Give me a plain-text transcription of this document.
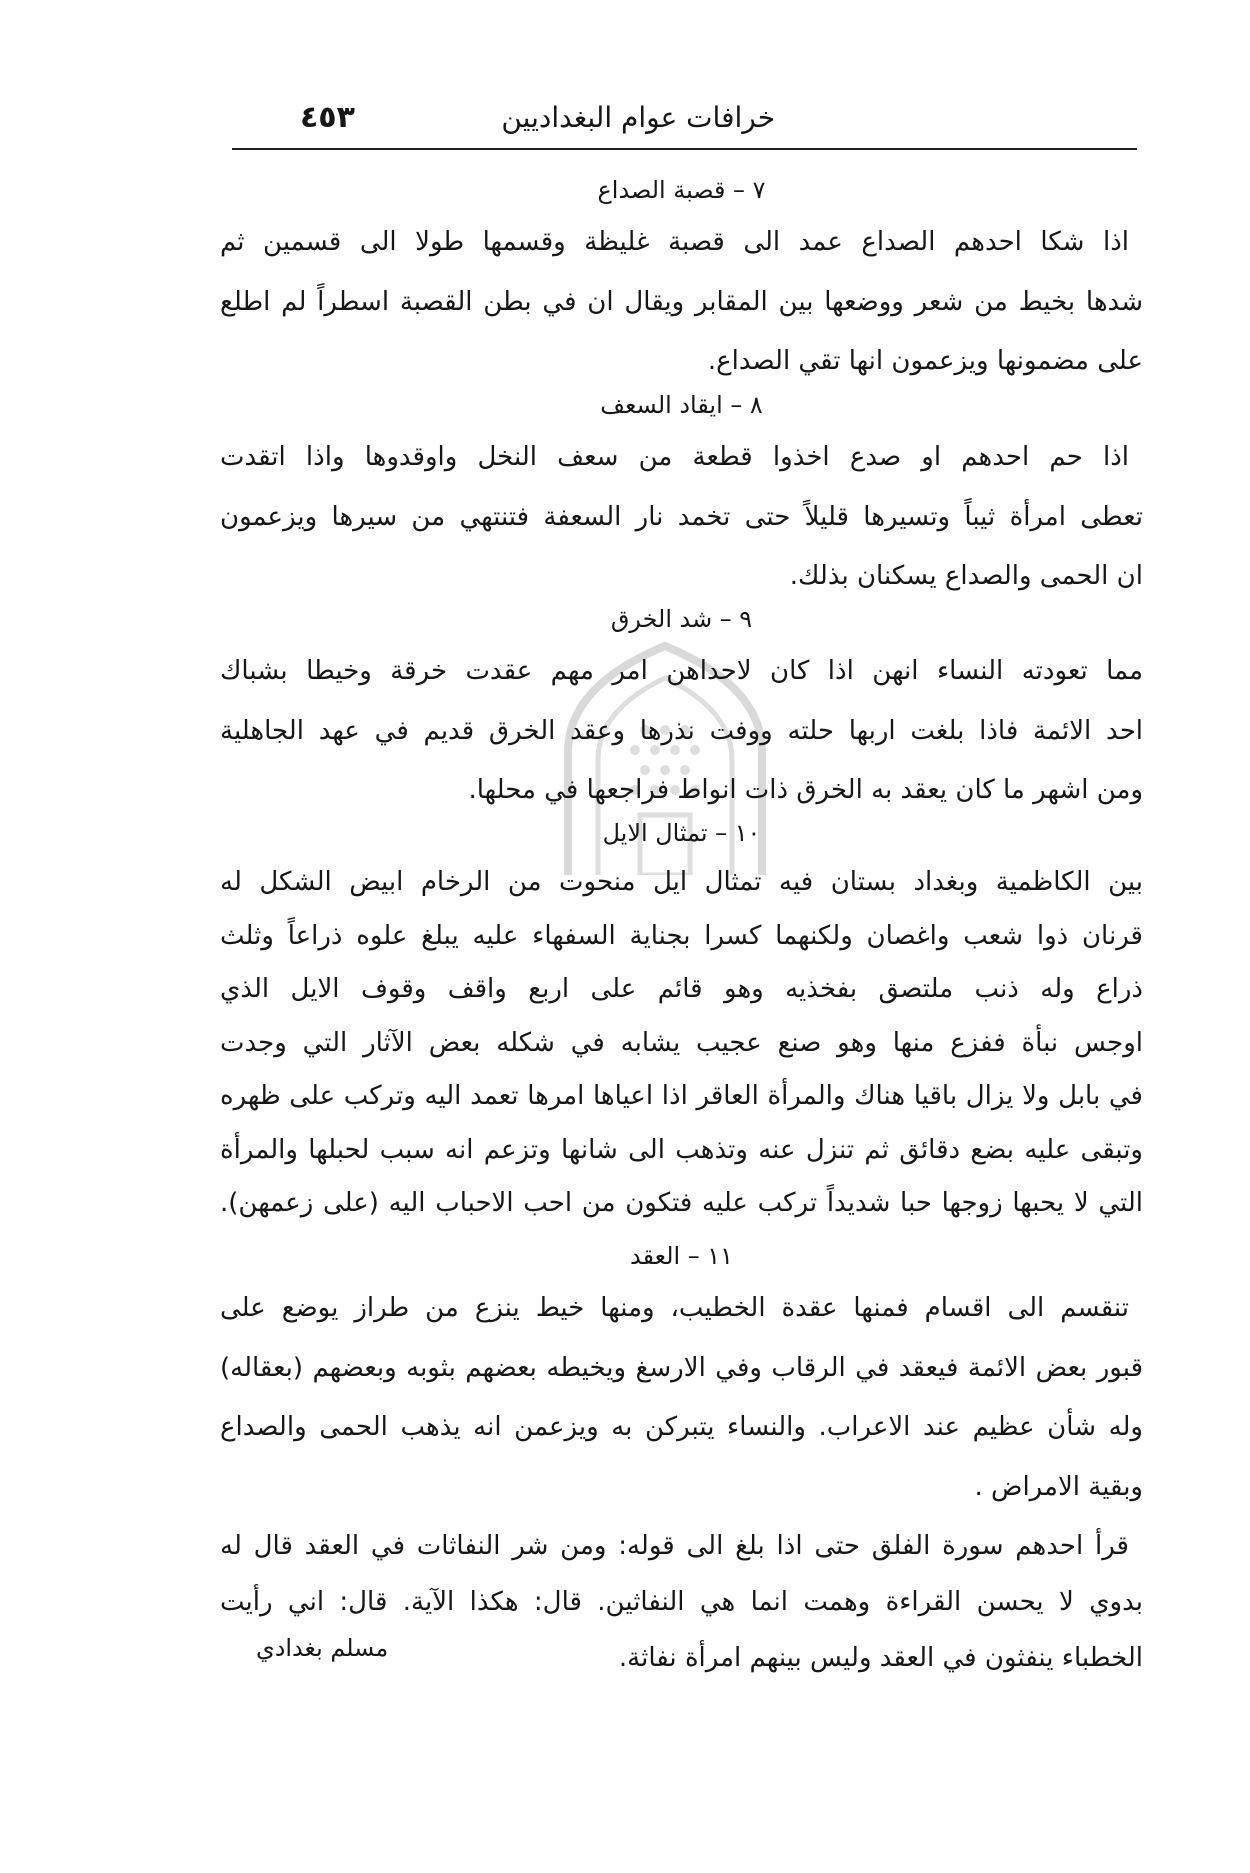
٤٥٣	خرافات عوام البغداديين
٧ – قصبة الصداع
اذا شكا احدهم الصداع عمد الى قصبة غليظة وقسمها طولا الى قسمين ثم
شدها بخيط من شعر ووضعها بين المقابر ويقال ان في بطن القصبة اسطراً لم اطلع
على مضمونها ويزعمون انها تقي الصداع.
٨ – ايقاد السعف
اذا حم احدهم او صدع اخذوا قطعة من سعف النخل واوقدوها واذا اتقدت
تعطى امرأة ثيباً وتسيرها قليلاً حتى تخمد نار السعفة فتنتهي من سيرها ويزعمون
ان الحمى والصداع يسكنان بذلك.
٩ – شد الخرق
مما تعودته النساء انهن اذا كان لاحداهن امر مهم عقدت خرقة وخيطا بشباك
احد الائمة فاذا بلغت اربها حلته ووفت نذرها وعقد الخرق قديم في عهد الجاهلية
ومن اشهر ما كان يعقد به الخرق ذات انواط فراجعها في محلها.
١٠ – تمثال الايل
بين الكاظمية وبغداد بستان فيه تمثال ايل منحوت من الرخام ابيض الشكل له
قرنان ذوا شعب واغصان ولكنهما كسرا بجناية السفهاء عليه يبلغ علوه ذراعاً وثلث
ذراع وله ذنب ملتصق بفخذيه وهو قائم على اربع واقف وقوف الايل الذي
اوجس نبأة ففزع منها وهو صنع عجيب يشابه في شكله بعض الآثار التي وجدت
في بابل ولا يزال باقيا هناك والمرأة العاقر اذا اعياها امرها تعمد اليه وتركب على ظهره
وتبقى عليه بضع دقائق ثم تنزل عنه وتذهب الى شانها وتزعم انه سبب لحبلها والمرأة
التي لا يحبها زوجها حبا شديداً تركب عليه فتكون من احب الاحباب اليه (على زعمهن).
١١ – العقد
تنقسم الى اقسام فمنها عقدة الخطيب، ومنها خيط ينزع من طراز يوضع على
قبور بعض الائمة فيعقد في الرقاب وفي الارسغ ويخيطه بعضهم بثوبه وبعضهم (بعقاله)
وله شأن عظيم عند الاعراب. والنساء يتبركن به ويزعمن انه يذهب الحمى والصداع
وبقية الامراض .
قرأ احدهم سورة الفلق حتى اذا بلغ الى قوله: ومن شر النفاثات في العقد قال له
بدوي لا يحسن القراءة وهمت انما هي النفاثين. قال: هكذا الآية. قال: اني رأيت
الخطباء ينفثون في العقد وليس بينهم امرأة نفاثة.
مسلم بغدادي
